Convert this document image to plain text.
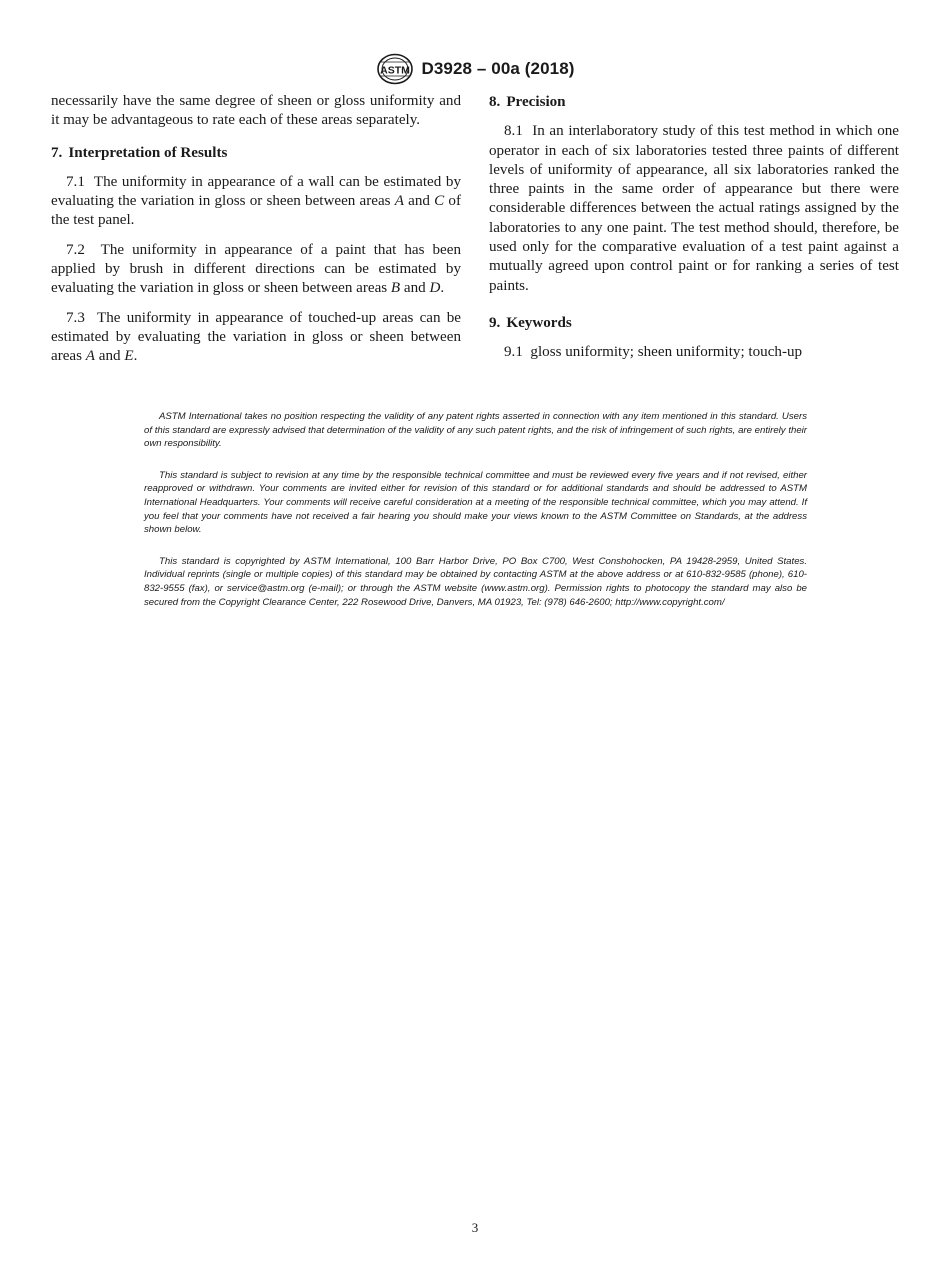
ASTM D3928 – 00a (2018)

necessarily have the same degree of sheen or gloss uniformity and it may be advantageous to rate each of these areas separately.

7. Interpretation of Results

7.1 The uniformity in appearance of a wall can be estimated by evaluating the variation in gloss or sheen between areas A and C of the test panel.

7.2 The uniformity in appearance of a paint that has been applied by brush in different directions can be estimated by evaluating the variation in gloss or sheen between areas B and D.

7.3 The uniformity in appearance of touched-up areas can be estimated by evaluating the variation in gloss or sheen between areas A and E.

8. Precision

8.1 In an interlaboratory study of this test method in which one operator in each of six laboratories tested three paints of different levels of uniformity of appearance, all six laboratories ranked the three paints in the same order of appearance but there were considerable differences between the actual ratings assigned by the laboratories to any one paint. The test method should, therefore, be used only for the comparative evaluation of a test paint against a mutually agreed upon control paint or for ranking a series of test paints.

9. Keywords

9.1 gloss uniformity; sheen uniformity; touch-up

ASTM International takes no position respecting the validity of any patent rights asserted in connection with any item mentioned in this standard. Users of this standard are expressly advised that determination of the validity of any such patent rights, and the risk of infringement of such rights, are entirely their own responsibility.

This standard is subject to revision at any time by the responsible technical committee and must be reviewed every five years and if not revised, either reapproved or withdrawn. Your comments are invited either for revision of this standard or for additional standards and should be addressed to ASTM International Headquarters. Your comments will receive careful consideration at a meeting of the responsible technical committee, which you may attend. If you feel that your comments have not received a fair hearing you should make your views known to the ASTM Committee on Standards, at the address shown below.

This standard is copyrighted by ASTM International, 100 Barr Harbor Drive, PO Box C700, West Conshohocken, PA 19428-2959, United States. Individual reprints (single or multiple copies) of this standard may be obtained by contacting ASTM at the above address or at 610-832-9585 (phone), 610-832-9555 (fax), or service@astm.org (e-mail); or through the ASTM website (www.astm.org). Permission rights to photocopy the standard may also be secured from the Copyright Clearance Center, 222 Rosewood Drive, Danvers, MA 01923, Tel: (978) 646-2600; http://www.copyright.com/

3
